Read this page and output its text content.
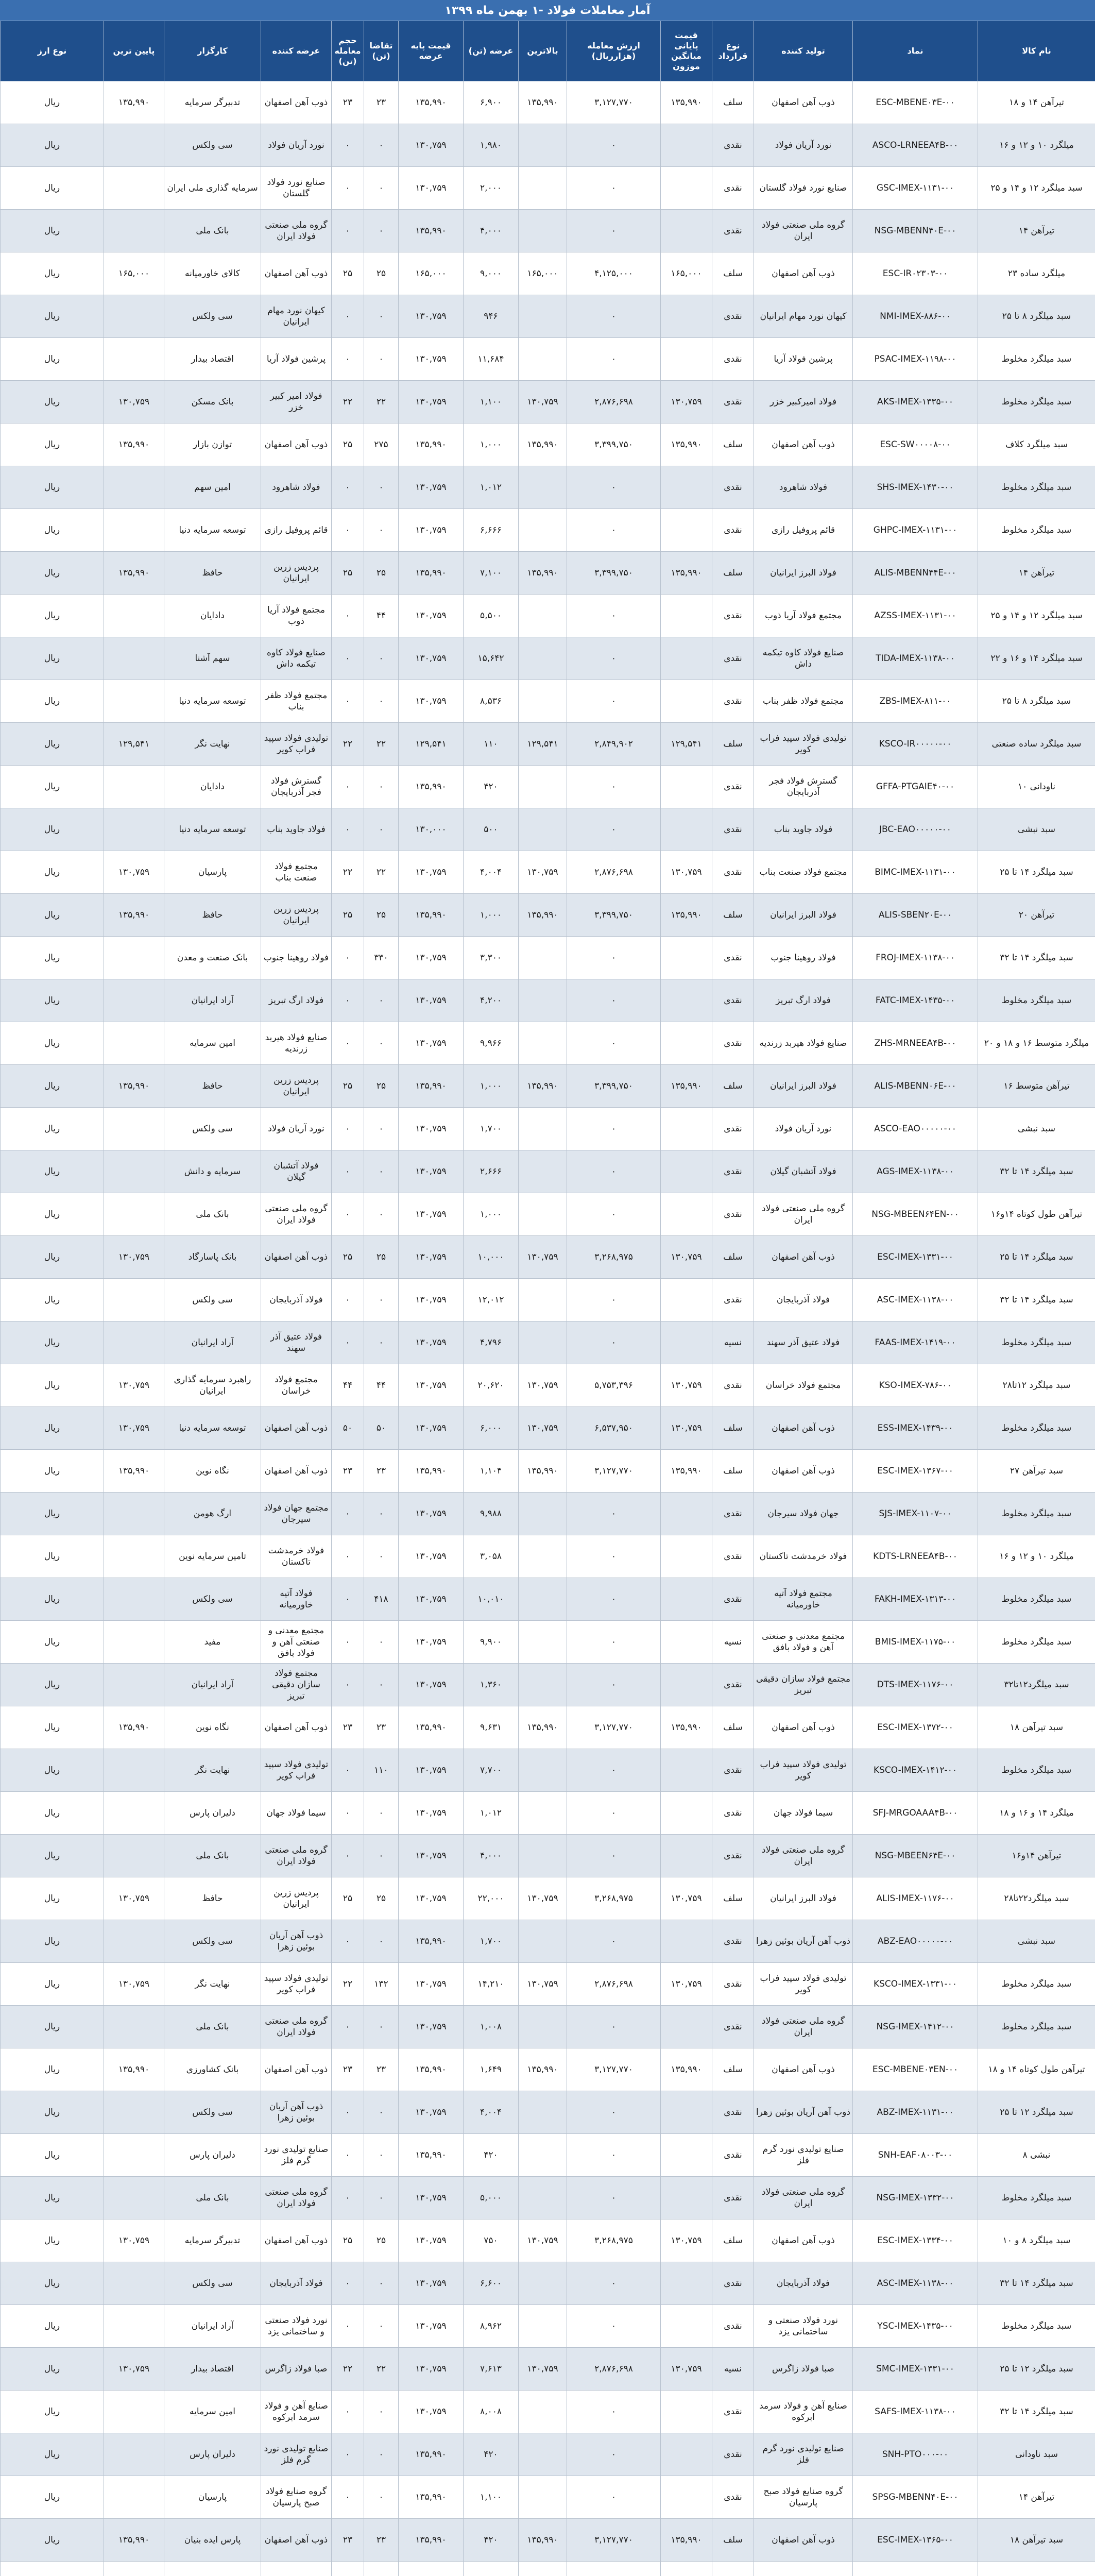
آمار معاملات فولاد -۱ بهمن ماه ۱۳۹۹
نام کالا	نماد	تولید کننده	نوع قرارداد	قیمت پایانی میانگین موزون	ارزش معامله (هزارریال)	بالاترین	عرضه (تن)	قیمت پایه عرضه	تقاضا (تن)	حجم معامله (تن)	عرضه کننده	کارگزار	پایین ترین	نوع ارز
تیرآهن ۱۴ و ۱۸	ESC-MBENE۰۳E-۰۰	ذوب آهن اصفهان	سلف	۱۳۵,۹۹۰	۳,۱۲۷,۷۷۰	۱۳۵,۹۹۰	۶,۹۰۰	۱۳۵,۹۹۰	۲۳	۲۳	ذوب آهن اصفهان	تدبیرگر سرمایه	۱۳۵,۹۹۰	ریال
میلگرد ۱۰ و ۱۲ و ۱۶	ASCO-LRNEEA۴B-۰۰	نورد آریان فولاد	نقدی		۰		۱,۹۸۰	۱۳۰,۷۵۹	۰	۰	نورد آریان فولاد	سی ولکس		ریال
سبد میلگرد ۱۲ و ۱۴ و ۲۵	GSC-IMEX-۱۱۳۱-۰۰	صنایع نورد فولاد گلستان	نقدی		۰		۲,۰۰۰	۱۳۰,۷۵۹	۰	۰	صنایع نورد فولاد گلستان	سرمایه گذاری ملی ایران		ریال
تیرآهن ۱۴	NSG-MBENN۴۰E-۰۰	گروه ملی صنعتی فولاد ایران	نقدی		۰		۴,۰۰۰	۱۳۵,۹۹۰	۰	۰	گروه ملی صنعتی فولاد ایران	بانک ملی		ریال
میلگرد ساده ۲۳	ESC-IR۰۲۳۰۳-۰۰	ذوب آهن اصفهان	سلف	۱۶۵,۰۰۰	۴,۱۲۵,۰۰۰	۱۶۵,۰۰۰	۹,۰۰۰	۱۶۵,۰۰۰	۲۵	۲۵	ذوب آهن اصفهان	کالای خاورمیانه	۱۶۵,۰۰۰	ریال
سبد میلگرد ۸ تا ۲۵	NMI-IMEX-۸۸۶-۰۰	کیهان نورد مهام ایرانیان	نقدی		۰		۹۴۶	۱۳۰,۷۵۹	۰	۰	کیهان نورد مهام ایرانیان	سی ولکس		ریال
سبد میلگرد مخلوط	PSAC-IMEX-۱۱۹۸-۰۰	پرشین فولاد آریا	نقدی		۰		۱۱,۶۸۴	۱۳۰,۷۵۹	۰	۰	پرشین فولاد آریا	اقتصاد بیدار		ریال
سبد میلگرد مخلوط	AKS-IMEX-۱۳۳۵-۰۰	فولاد امیرکبیر خزر	نقدی	۱۳۰,۷۵۹	۲,۸۷۶,۶۹۸	۱۳۰,۷۵۹	۱,۱۰۰	۱۳۰,۷۵۹	۲۲	۲۲	فولاد امیر کبیر خزر	بانک مسکن	۱۳۰,۷۵۹	ریال
سبد میلگرد کلاف	ESC-SW۰۰۰۰۸-۰۰	ذوب آهن اصفهان	سلف	۱۳۵,۹۹۰	۳,۳۹۹,۷۵۰	۱۳۵,۹۹۰	۱,۰۰۰	۱۳۵,۹۹۰	۲۷۵	۲۵	ذوب آهن اصفهان	توازن بازار	۱۳۵,۹۹۰	ریال
سبد میلگرد مخلوط	SHS-IMEX-۱۴۳۰-۰۰	فولاد شاهرود	نقدی		۰		۱,۰۱۲	۱۳۰,۷۵۹	۰	۰	فولاد شاهرود	امین سهم		ریال
سبد میلگرد مخلوط	GHPC-IMEX-۱۱۳۱-۰۰	قائم پروفیل رازی	نقدی		۰		۶,۶۶۶	۱۳۰,۷۵۹	۰	۰	قائم پروفیل رازی	توسعه سرمایه دنیا		ریال
تیرآهن ۱۴	ALIS-MBENN۴۴E-۰۰	فولاد البرز ایرانیان	سلف	۱۳۵,۹۹۰	۳,۳۹۹,۷۵۰	۱۳۵,۹۹۰	۷,۱۰۰	۱۳۵,۹۹۰	۲۵	۲۵	پردیس زرین ایرانیان	حافظ	۱۳۵,۹۹۰	ریال
سبد میلگرد ۱۲ و ۱۴ و ۲۵	AZSS-IMEX-۱۱۳۱-۰۰	مجتمع فولاد آریا ذوب	نقدی		۰		۵,۵۰۰	۱۳۰,۷۵۹	۴۴	۰	مجتمع فولاد آریا ذوب	دادایان		ریال
سبد میلگرد ۱۴ و ۱۶ و ۲۲	TIDA-IMEX-۱۱۳۸-۰۰	صنایع فولاد کاوه تیکمه داش	نقدی		۰		۱۵,۶۴۲	۱۳۰,۷۵۹	۰	۰	صنایع فولاد کاوه تیکمه داش	سهم آشنا		ریال
سبد میلگرد ۸ تا ۲۵	ZBS-IMEX-۸۱۱-۰۰	مجتمع فولاد ظفر بناب	نقدی		۰		۸,۵۳۶	۱۳۰,۷۵۹	۰	۰	مجتمع فولاد ظفر بناب	توسعه سرمایه دنیا		ریال
سبد میلگرد ساده صنعتی	KSCO-IR۰۰۰۰۰-۰۰	تولیدی فولاد سپید فراب کویر	سلف	۱۲۹,۵۴۱	۲,۸۴۹,۹۰۲	۱۲۹,۵۴۱	۱۱۰	۱۲۹,۵۴۱	۲۲	۲۲	تولیدی فولاد سپید فراب کویر	نهایت نگر	۱۲۹,۵۴۱	ریال
ناودانی ۱۰	GFFA-PTGAIE۴۰-۰۰	گسترش فولاد فجر آذربایجان	نقدی		۰		۴۲۰	۱۳۵,۹۹۰	۰	۰	گسترش فولاد فجر آذربایجان	دادایان		ریال
سبد نبشی	JBC-EAO۰۰۰۰۰-۰۰	فولاد جاوید بناب	نقدی		۰		۵۰۰	۱۳۰,۰۰۰	۰	۰	فولاد جاوید بناب	توسعه سرمایه دنیا		ریال
سبد میلگرد ۱۴ تا ۲۵	BIMC-IMEX-۱۱۳۱-۰۰	مجتمع فولاد صنعت بناب	نقدی	۱۳۰,۷۵۹	۲,۸۷۶,۶۹۸	۱۳۰,۷۵۹	۴,۰۰۴	۱۳۰,۷۵۹	۲۲	۲۲	مجتمع فولاد صنعت بناب	پارسیان	۱۳۰,۷۵۹	ریال
تیرآهن ۲۰	ALIS-SBEN۲۰E-۰۰	فولاد البرز ایرانیان	سلف	۱۳۵,۹۹۰	۳,۳۹۹,۷۵۰	۱۳۵,۹۹۰	۱,۰۰۰	۱۳۵,۹۹۰	۲۵	۲۵	پردیس زرین ایرانیان	حافظ	۱۳۵,۹۹۰	ریال
سبد میلگرد ۱۴ تا ۳۲	FROJ-IMEX-۱۱۳۸-۰۰	فولاد روهینا جنوب	نقدی		۰		۳,۳۰۰	۱۳۰,۷۵۹	۳۳۰	۰	فولاد روهینا جنوب	بانک صنعت و معدن		ریال
سبد میلگرد مخلوط	FATC-IMEX-۱۴۳۵-۰۰	فولاد ارگ تبریز	نقدی		۰		۴,۲۰۰	۱۳۰,۷۵۹	۰	۰	فولاد ارگ تبریز	آراد ایرانیان		ریال
میلگرد متوسط ۱۶ و ۱۸ و ۲۰	ZHS-MRNEEA۴B-۰۰	صنایع فولاد هیربد زرندیه	نقدی		۰		۹,۹۶۶	۱۳۰,۷۵۹	۰	۰	صنایع فولاد هیربد زرندیه	امین سرمایه		ریال
تیرآهن متوسط ۱۶	ALIS-MBENN۰۶E-۰۰	فولاد البرز ایرانیان	سلف	۱۳۵,۹۹۰	۳,۳۹۹,۷۵۰	۱۳۵,۹۹۰	۱,۰۰۰	۱۳۵,۹۹۰	۲۵	۲۵	پردیس زرین ایرانیان	حافظ	۱۳۵,۹۹۰	ریال
سبد نبشی	ASCO-EAO۰۰۰۰۰-۰۰	نورد آریان فولاد	نقدی		۰		۱,۷۰۰	۱۳۰,۷۵۹	۰	۰	نورد آریان فولاد	سی ولکس		ریال
سبد میلگرد ۱۴ تا ۳۲	AGS-IMEX-۱۱۳۸-۰۰	فولاد آتشبان گیلان	نقدی		۰		۲,۶۶۶	۱۳۰,۷۵۹	۰	۰	فولاد آتشبان گیلان	سرمایه و دانش		ریال
تیرآهن طول کوتاه ۱۴و۱۶	NSG-MBEEN۶۴EN-۰۰	گروه ملی صنعتی فولاد ایران	نقدی		۰		۱,۰۰۰	۱۳۰,۷۵۹	۰	۰	گروه ملی صنعتی فولاد ایران	بانک ملی		ریال
سبد میلگرد ۱۴ تا ۲۵	ESC-IMEX-۱۳۳۱-۰۰	ذوب آهن اصفهان	سلف	۱۳۰,۷۵۹	۳,۲۶۸,۹۷۵	۱۳۰,۷۵۹	۱۰,۰۰۰	۱۳۰,۷۵۹	۲۵	۲۵	ذوب آهن اصفهان	بانک پاسارگاد	۱۳۰,۷۵۹	ریال
سبد میلگرد ۱۴ تا ۳۲	ASC-IMEX-۱۱۳۸-۰۰	فولاد آذربایجان	نقدی		۰		۱۲,۰۱۲	۱۳۰,۷۵۹	۰	۰	فولاد آذربایجان	سی ولکس		ریال
سبد میلگرد مخلوط	FAAS-IMEX-۱۴۱۹-۰۰	فولاد عتیق آذر سهند	نسیه		۰		۴,۷۹۶	۱۳۰,۷۵۹	۰	۰	فولاد عتیق آذر سهند	آراد ایرانیان		ریال
سبد میلگرد ۱۲تا۲۸	KSO-IMEX-۷۸۶-۰۰	مجتمع فولاد خراسان	نقدی	۱۳۰,۷۵۹	۵,۷۵۳,۳۹۶	۱۳۰,۷۵۹	۲۰,۶۲۰	۱۳۰,۷۵۹	۴۴	۴۴	مجتمع فولاد خراسان	راهبرد سرمایه گذاری ایرانیان	۱۳۰,۷۵۹	ریال
سبد میلگرد مخلوط	ESS-IMEX-۱۴۳۹-۰۰	ذوب آهن اصفهان	سلف	۱۳۰,۷۵۹	۶,۵۳۷,۹۵۰	۱۳۰,۷۵۹	۶,۰۰۰	۱۳۰,۷۵۹	۵۰	۵۰	ذوب آهن اصفهان	توسعه سرمایه دنیا	۱۳۰,۷۵۹	ریال
سبد تیرآهن ۲۷	ESC-IMEX-۱۳۶۷-۰۰	ذوب آهن اصفهان	سلف	۱۳۵,۹۹۰	۳,۱۲۷,۷۷۰	۱۳۵,۹۹۰	۱,۱۰۴	۱۳۵,۹۹۰	۲۳	۲۳	ذوب آهن اصفهان	نگاه نوین	۱۳۵,۹۹۰	ریال
سبد میلگرد مخلوط	SJS-IMEX-۱۱۰۷-۰۰	جهان فولاد سیرجان	نقدی		۰		۹,۹۸۸	۱۳۰,۷۵۹	۰	۰	مجتمع جهان فولاد سیرجان	ارگ هومن		ریال
میلگرد ۱۰ و ۱۲ و ۱۶	KDTS-LRNEEA۴B-۰۰	فولاد خرمدشت تاکستان	نقدی		۰		۳,۰۵۸	۱۳۰,۷۵۹	۰	۰	فولاد خرمدشت تاکستان	تامین سرمایه نوین		ریال
سبد میلگرد مخلوط	FAKH-IMEX-۱۳۱۳-۰۰	مجتمع فولاد آتیه خاورمیانه	نقدی		۰		۱۰,۰۱۰	۱۳۰,۷۵۹	۴۱۸	۰	فولاد آتیه خاورمیانه	سی ولکس		ریال
سبد میلگرد مخلوط	BMIS-IMEX-۱۱۷۵-۰۰	مجتمع معدنی و صنعتی آهن و فولاد بافق	نسیه		۰		۹,۹۰۰	۱۳۰,۷۵۹	۰	۰	مجتمع معدنی و صنعتی آهن و فولاد بافق	مفید		ریال
سبد میلگرد۱۲تا۳۲	DTS-IMEX-۱۱۷۶-۰۰	مجتمع فولاد سازان دقیقی تبریز	نقدی		۰		۱,۳۶۰	۱۳۰,۷۵۹	۰	۰	مجتمع فولاد سازان دقیقی تبریز	آراد ایرانیان		ریال
سبد تیرآهن ۱۸	ESC-IMEX-۱۳۷۲-۰۰	ذوب آهن اصفهان	سلف	۱۳۵,۹۹۰	۳,۱۲۷,۷۷۰	۱۳۵,۹۹۰	۹,۶۳۱	۱۳۵,۹۹۰	۲۳	۲۳	ذوب آهن اصفهان	نگاه نوین	۱۳۵,۹۹۰	ریال
سبد میلگرد مخلوط	KSCO-IMEX-۱۴۱۲-۰۰	تولیدی فولاد سپید فراب کویر	نقدی		۰		۷,۷۰۰	۱۳۰,۷۵۹	۱۱۰	۰	تولیدی فولاد سپید فراب کویر	نهایت نگر		ریال
میلگرد ۱۴ و ۱۶ و ۱۸	SFJ-MRGOAAA۴B-۰۰	سیما فولاد جهان	نقدی		۰		۱,۰۱۲	۱۳۰,۷۵۹	۰	۰	سیما فولاد جهان	دلیران پارس		ریال
تیرآهن ۱۴و۱۶	NSG-MBEEN۶۴E-۰۰	گروه ملی صنعتی فولاد ایران	نقدی		۰		۴,۰۰۰	۱۳۰,۷۵۹	۰	۰	گروه ملی صنعتی فولاد ایران	بانک ملی		ریال
سبد میلگرد۲۲تا۲۸	ALIS-IMEX-۱۱۷۶-۰۰	فولاد البرز ایرانیان	سلف	۱۳۰,۷۵۹	۳,۲۶۸,۹۷۵	۱۳۰,۷۵۹	۲۲,۰۰۰	۱۳۰,۷۵۹	۲۵	۲۵	پردیس زرین ایرانیان	حافظ	۱۳۰,۷۵۹	ریال
سبد نبشی	ABZ-EAO۰۰۰۰۰-۰۰	ذوب آهن آریان بوئین زهرا	نقدی		۰		۱,۷۰۰	۱۳۵,۹۹۰	۰	۰	ذوب آهن آریان بوئین زهرا	سی ولکس		ریال
سبد میلگرد مخلوط	KSCO-IMEX-۱۳۳۱-۰۰	تولیدی فولاد سپید فراب کویر	نقدی	۱۳۰,۷۵۹	۲,۸۷۶,۶۹۸	۱۳۰,۷۵۹	۱۴,۲۱۰	۱۳۰,۷۵۹	۱۳۲	۲۲	تولیدی فولاد سپید فراب کویر	نهایت نگر	۱۳۰,۷۵۹	ریال
سبد میلگرد مخلوط	NSG-IMEX-۱۴۱۲-۰۰	گروه ملی صنعتی فولاد ایران	نقدی		۰		۱,۰۰۸	۱۳۰,۷۵۹	۰	۰	گروه ملی صنعتی فولاد ایران	بانک ملی		ریال
تیرآهن طول کوتاه ۱۴ و ۱۸	ESC-MBENE۰۳EN-۰۰	ذوب آهن اصفهان	سلف	۱۳۵,۹۹۰	۳,۱۲۷,۷۷۰	۱۳۵,۹۹۰	۱,۶۴۹	۱۳۵,۹۹۰	۲۳	۲۳	ذوب آهن اصفهان	بانک کشاورزی	۱۳۵,۹۹۰	ریال
سبد میلگرد ۱۲ تا ۲۵	ABZ-IMEX-۱۱۳۱-۰۰	ذوب آهن آریان بوئین زهرا	نقدی		۰		۴,۰۰۴	۱۳۰,۷۵۹	۰	۰	ذوب آهن آریان بوئین زهرا	سی ولکس		ریال
نبشی ۸	SNH-EAF۰۸۰۰۳-۰۰	صنایع تولیدی نورد گرم فلز	نقدی		۰		۴۲۰	۱۳۵,۹۹۰	۰	۰	صنایع تولیدی نورد گرم فلز	دلیران پارس		ریال
سبد میلگرد مخلوط	NSG-IMEX-۱۳۳۲-۰۰	گروه ملی صنعتی فولاد ایران	نقدی		۰		۵,۰۰۰	۱۳۰,۷۵۹	۰	۰	گروه ملی صنعتی فولاد ایران	بانک ملی		ریال
سبد میلگرد ۸ و ۱۰	ESC-IMEX-۱۳۳۴-۰۰	ذوب آهن اصفهان	سلف	۱۳۰,۷۵۹	۳,۲۶۸,۹۷۵	۱۳۰,۷۵۹	۷۵۰	۱۳۰,۷۵۹	۲۵	۲۵	ذوب آهن اصفهان	تدبیرگر سرمایه	۱۳۰,۷۵۹	ریال
سبد میلگرد ۱۴ تا ۳۲	ASC-IMEX-۱۱۳۸-۰۰	فولاد آذربایجان	نقدی		۰		۶,۶۰۰	۱۳۰,۷۵۹	۰	۰	فولاد آذربایجان	سی ولکس		ریال
سبد میلگرد مخلوط	YSC-IMEX-۱۴۳۵-۰۰	نورد فولاد صنعتی و ساختمانی یزد	نقدی		۰		۸,۹۶۲	۱۳۰,۷۵۹	۰	۰	نورد فولاد صنعتی و ساختمانی یزد	آراد ایرانیان		ریال
سبد میلگرد ۱۲ تا ۲۵	SMC-IMEX-۱۳۳۱-۰۰	صبا فولاد زاگرس	نسیه	۱۳۰,۷۵۹	۲,۸۷۶,۶۹۸	۱۳۰,۷۵۹	۷,۶۱۳	۱۳۰,۷۵۹	۲۲	۲۲	صبا فولاد زاگرس	اقتصاد بیدار	۱۳۰,۷۵۹	ریال
سبد میلگرد ۱۴ تا ۳۲	SAFS-IMEX-۱۱۳۸-۰۰	صنایع آهن و فولاد سرمد ابرکوه	نقدی		۰		۸,۰۰۸	۱۳۰,۷۵۹	۰	۰	صنایع آهن و فولاد سرمد ابرکوه	امین سرمایه		ریال
سبد ناودانی	SNH-PTO۰۰۰-۰۰	صنایع تولیدی نورد گرم فلز	نقدی		۰		۴۲۰	۱۳۵,۹۹۰	۰	۰	صنایع تولیدی نورد گرم فلز	دلیران پارس		ریال
تیرآهن ۱۴	SPSG-MBENN۴۰E-۰۰	گروه صنایع فولاد صبح پارسیان	نقدی		۰		۱,۱۰۰	۱۳۵,۹۹۰	۰	۰	گروه صنایع فولاد صبح پارسیان	پارسیان		ریال
سبد تیرآهن ۱۸	ESC-IMEX-۱۳۶۵-۰۰	ذوب آهن اصفهان	سلف	۱۳۵,۹۹۰	۳,۱۲۷,۷۷۰	۱۳۵,۹۹۰	۴۲۰	۱۳۵,۹۹۰	۲۳	۲۳	ذوب آهن اصفهان	پارس ایده بنیان	۱۳۵,۹۹۰	ریال
